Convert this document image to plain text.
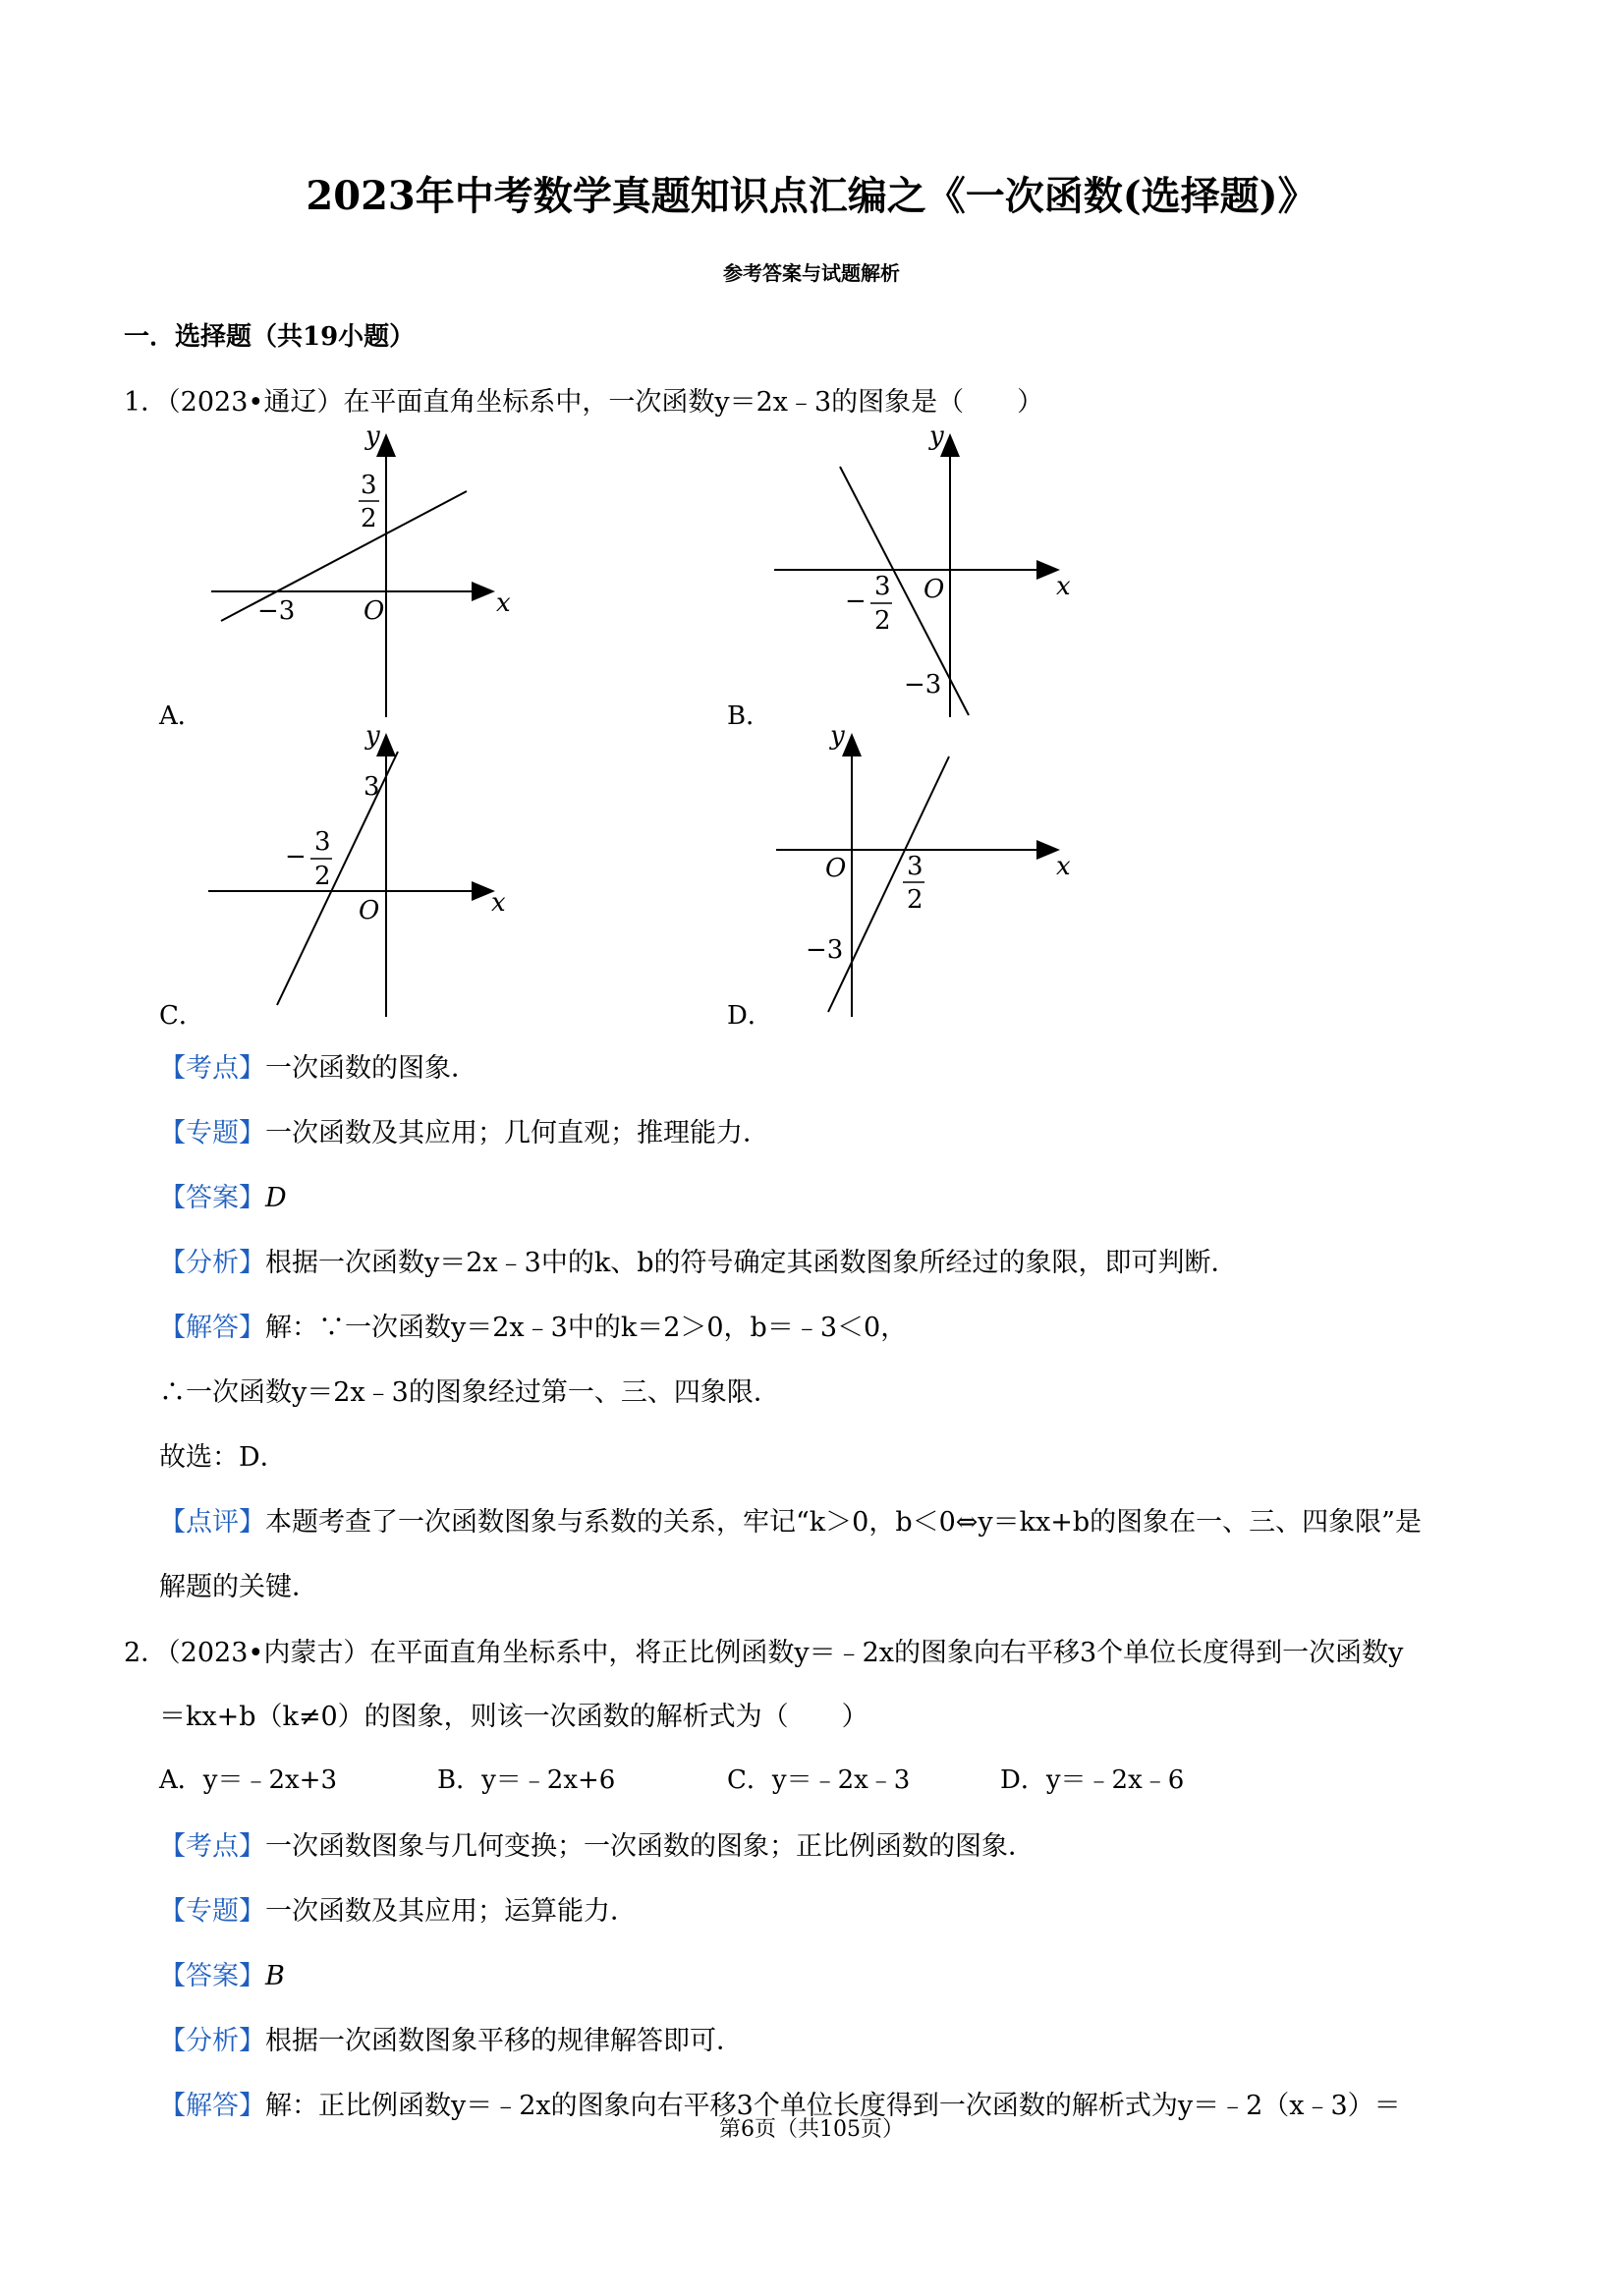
2023年中考数学真题知识点汇编之《一次函数(选择题)》
参考答案与试题解析
一．选择题（共19小题）
1．（2023•通辽）在平面直角坐标系中，一次函数y＝2x﹣3的图象是（　　）
y
x
O
3
2
−3
A．
y
x
O
− 3
2
−3
B．
y
x
O
3
− 3
2
C．
y
x
O 3
2
−3
D．
【考点】一次函数的图象．
【专题】一次函数及其应用；几何直观；推理能力．
【答案】D
【分析】根据一次函数y＝2x﹣3中的k、b的符号确定其函数图象所经过的象限，即可判断．
【解答】解：∵一次函数y＝2x﹣3中的k＝2＞0，b＝﹣3＜0，
∴一次函数y＝2x﹣3的图象经过第一、三、四象限．
故选：D．
【点评】本题考查了一次函数图象与系数的关系，牢记“k＞0，b＜0⇔y＝kx+b的图象在一、三、四象限”是
解题的关键．
2．（2023•内蒙古）在平面直角坐标系中，将正比例函数y＝﹣2x的图象向右平移3个单位长度得到一次函数y
＝kx+b（k≠0）的图象，则该一次函数的解析式为（　　）
A．y＝﹣2x+3	B．y＝﹣2x+6	C．y＝﹣2x﹣3	D．y＝﹣2x﹣6
【考点】一次函数图象与几何变换；一次函数的图象；正比例函数的图象．
【专题】一次函数及其应用；运算能力．
【答案】B
【分析】根据一次函数图象平移的规律解答即可．
【解答】解：正比例函数y＝﹣2x的图象向右平移3个单位长度得到一次函数的解析式为y＝﹣2（x﹣3）＝
第6页（共105页）
